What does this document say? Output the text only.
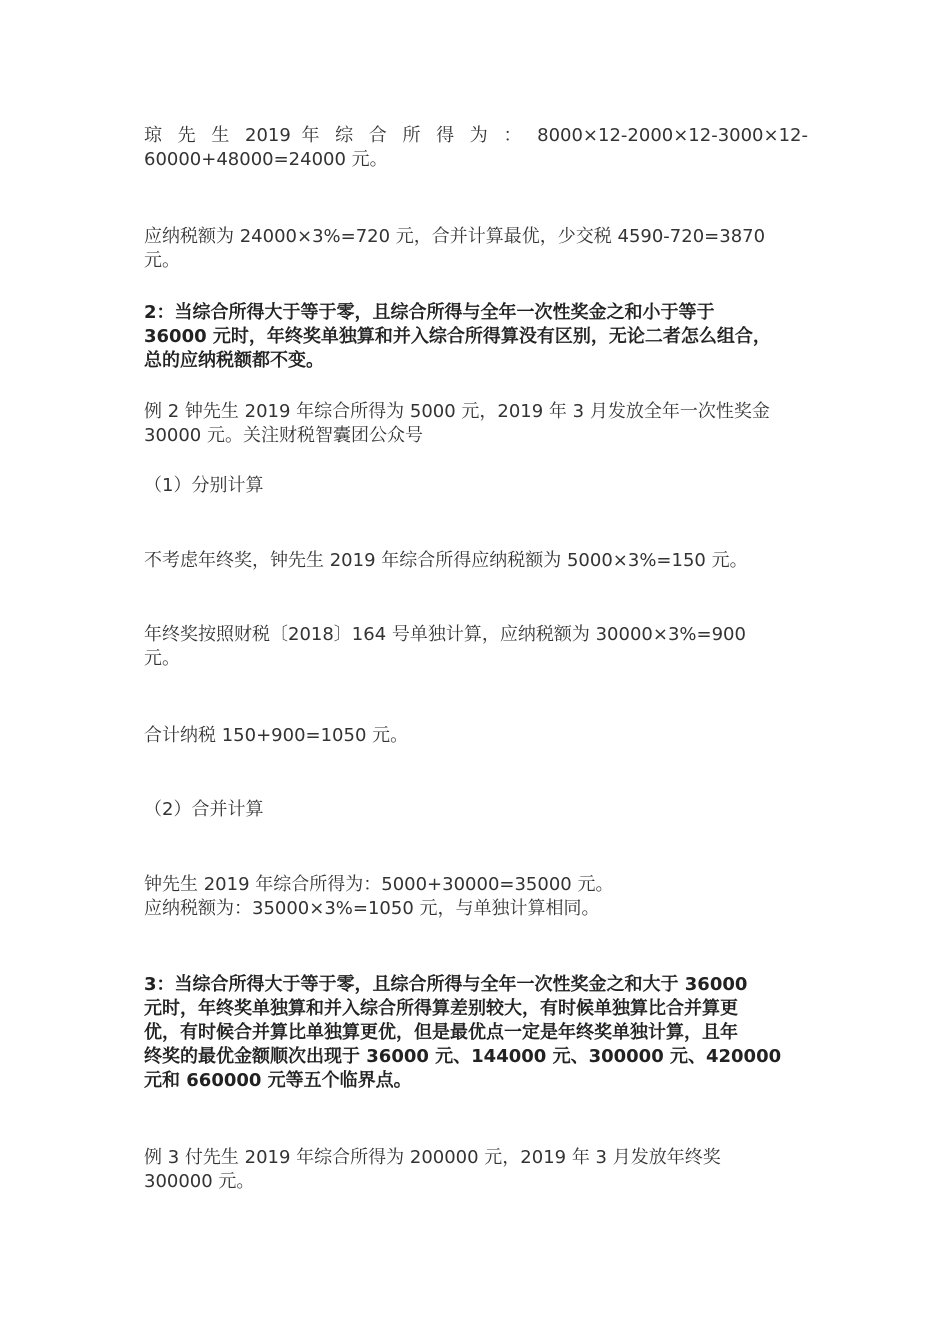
琼 先 生 2019 年 综 合 所 得 为 ： 8000×12-2000×12-3000×12-
60000+48000=24000 元。
应纳税额为 24000×3%=720 元，合并计算最优，少交税 4590-720=3870
元。
2：当综合所得大于等于零，且综合所得与全年一次性奖金之和小于等于
36000 元时，年终奖单独算和并入综合所得算没有区别，无论二者怎么组合，
总的应纳税额都不变。
例 2 钟先生 2019 年综合所得为 5000 元，2019 年 3 月发放全年一次性奖金
30000 元。关注财税智囊团公众号
（1）分别计算
不考虑年终奖，钟先生 2019 年综合所得应纳税额为 5000×3%=150 元。
年终奖按照财税〔2018〕164 号单独计算，应纳税额为 30000×3%=900
元。
合计纳税 150+900=1050 元。
（2）合并计算
钟先生 2019 年综合所得为：5000+30000=35000 元。
应纳税额为：35000×3%=1050 元，与单独计算相同。
3：当综合所得大于等于零，且综合所得与全年一次性奖金之和大于 36000
元时，年终奖单独算和并入综合所得算差别较大，有时候单独算比合并算更
优，有时候合并算比单独算更优，但是最优点一定是年终奖单独计算，且年
终奖的最优金额顺次出现于 36000 元、144000 元、300000 元、420000
元和 660000 元等五个临界点。
例 3 付先生 2019 年综合所得为 200000 元，2019 年 3 月发放年终奖
300000 元。
